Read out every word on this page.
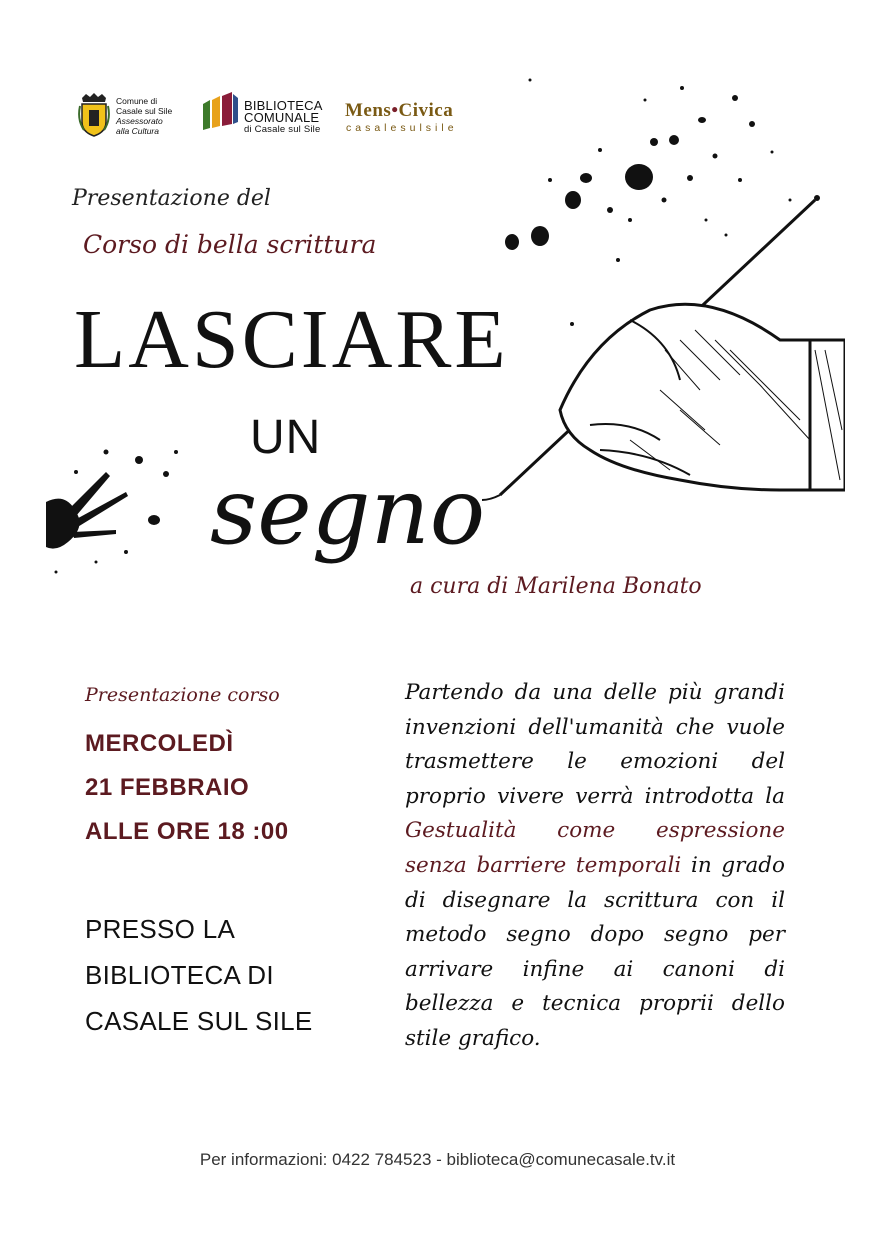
Comune di
Casale sul Sile
Assessorato
alla Cultura
BIBLIOTECA
COMUNALE
di Casale sul Sile
Mens•Civica
casalesulsile
Presentazione del
Corso di bella scrittura
LASCIARE
UN
segno
a cura di Marilena Bonato
Presentazione corso
MERCOLEDÌ
21 FEBBRAIO
ALLE ORE 18 :00
PRESSO LA
BIBLIOTECA DI
CASALE SUL SILE
Partendo da una delle più grandi invenzioni dell'umanità che vuole trasmettere le emozioni del proprio vivere verrà introdotta la Gestualità come espressione senza barriere temporali in grado di disegnare la scrittura con il metodo segno dopo segno per arrivare infine ai canoni di bellezza e tecnica proprii dello stile grafico.
Per informazioni: 0422 784523 - biblioteca@comunecasale.tv.it
